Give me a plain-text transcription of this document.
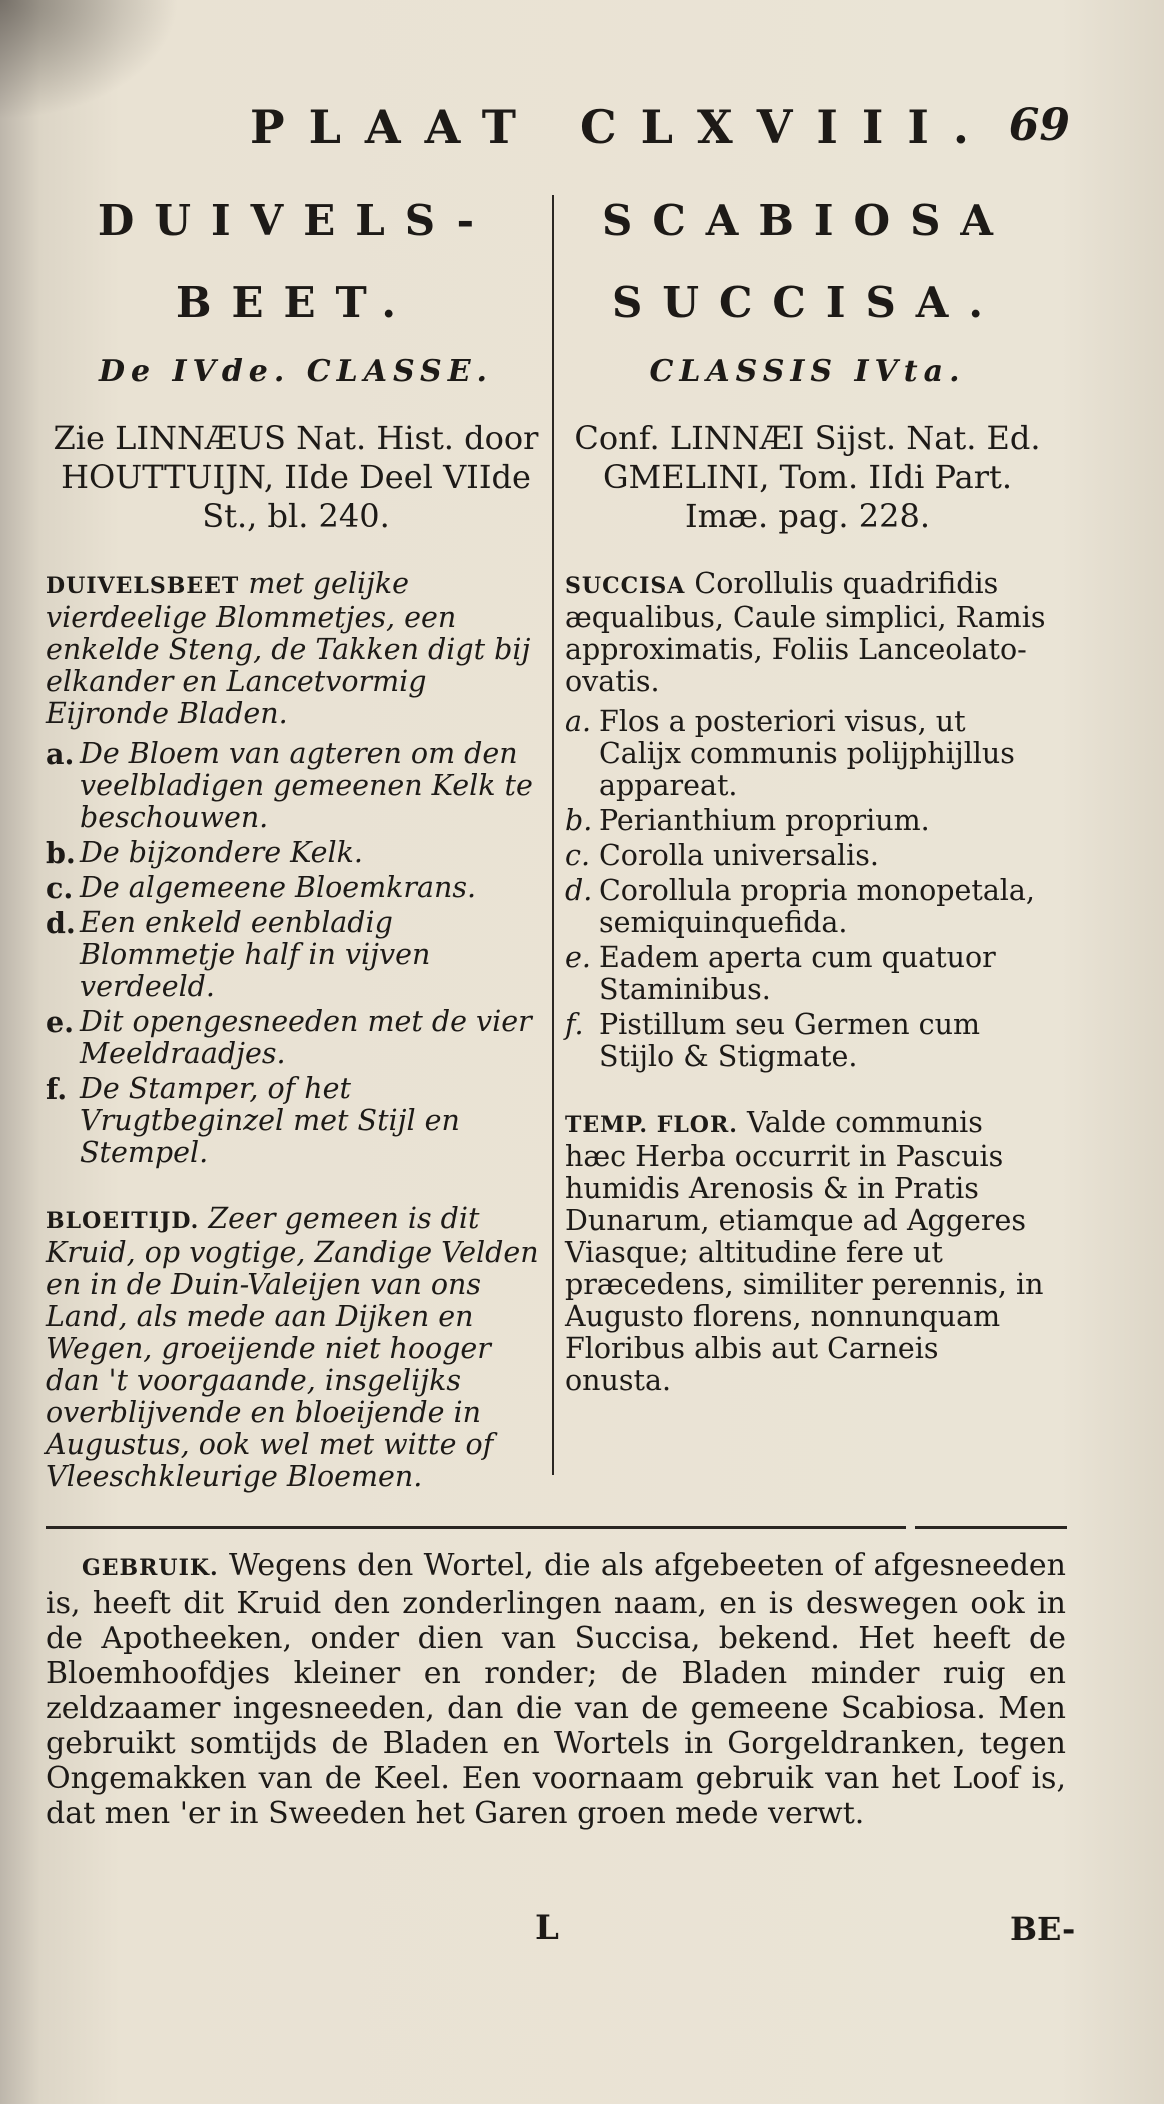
PLAAT CLXVIII. 69
DUIVELS-
BEET.
De IVde. CLASSE.
Zie LINNÆUS Nat. Hist. door HOUTTUIJN, IIde Deel VIIde St., bl. 240.
DUIVELSBEET met gelijke vierdeelige Blommetjes, een enkelde Steng, de Takken digt bij elkander en Lancetvormig Eijronde Bladen.
a. De Bloem van agteren om den veelbladigen gemeenen Kelk te beschouwen.
b. De bijzondere Kelk.
c. De algemeene Bloemkrans.
d. Een enkeld eenbladig Blommetje half in vijven verdeeld.
e. Dit opengesneeden met de vier Meeldraadjes.
f. De Stamper, of het Vrugtbeginzel met Stijl en Stempel.
BLOEITIJD. Zeer gemeen is dit Kruid, op vogtige, Zandige Velden en in de Duin-Valeijen van ons Land, als mede aan Dijken en Wegen, groeijende niet hooger dan 't voorgaande, insgelijks overblijvende en bloeijende in Augustus, ook wel met witte of Vleeschkleurige Bloemen.
SCABIOSA
SUCCISA.
CLASSIS IVta.
Conf. LINNÆI Sijst. Nat. Ed. GMELINI, Tom. IIdi Part. Imæ. pag. 228.
SUCCISA Corollulis quadrifidis æqualibus, Caule simplici, Ramis approximatis, Foliis Lanceolato-ovatis.
a. Flos a posteriori visus, ut Calijx communis polijphijllus appareat.
b. Perianthium proprium.
c. Corolla universalis.
d. Corollula propria monopetala, semiquinquefida.
e. Eadem aperta cum quatuor Staminibus.
f. Pistillum seu Germen cum Stijlo & Stigmate.
TEMP. FLOR. Valde communis hæc Herba occurrit in Pascuis humidis Arenosis & in Pratis Dunarum, etiamque ad Aggeres Viasque; altitudine fere ut præcedens, similiter perennis, in Augusto florens, nonnunquam Floribus albis aut Carneis onusta.
GEBRUIK. Wegens den Wortel, die als afgebeeten of afgesneeden is, heeft dit Kruid den zonderlingen naam, en is deswegen ook in de Apotheeken, onder dien van Succisa, bekend. Het heeft de Bloemhoofdjes kleiner en ronder; de Bladen minder ruig en zeldzaamer ingesneeden, dan die van de gemeene Scabiosa. Men gebruikt somtijds de Bladen en Wortels in Gorgeldranken, tegen Ongemakken van de Keel. Een voornaam gebruik van het Loof is, dat men 'er in Sweeden het Garen groen mede verwt.
L	BE-
